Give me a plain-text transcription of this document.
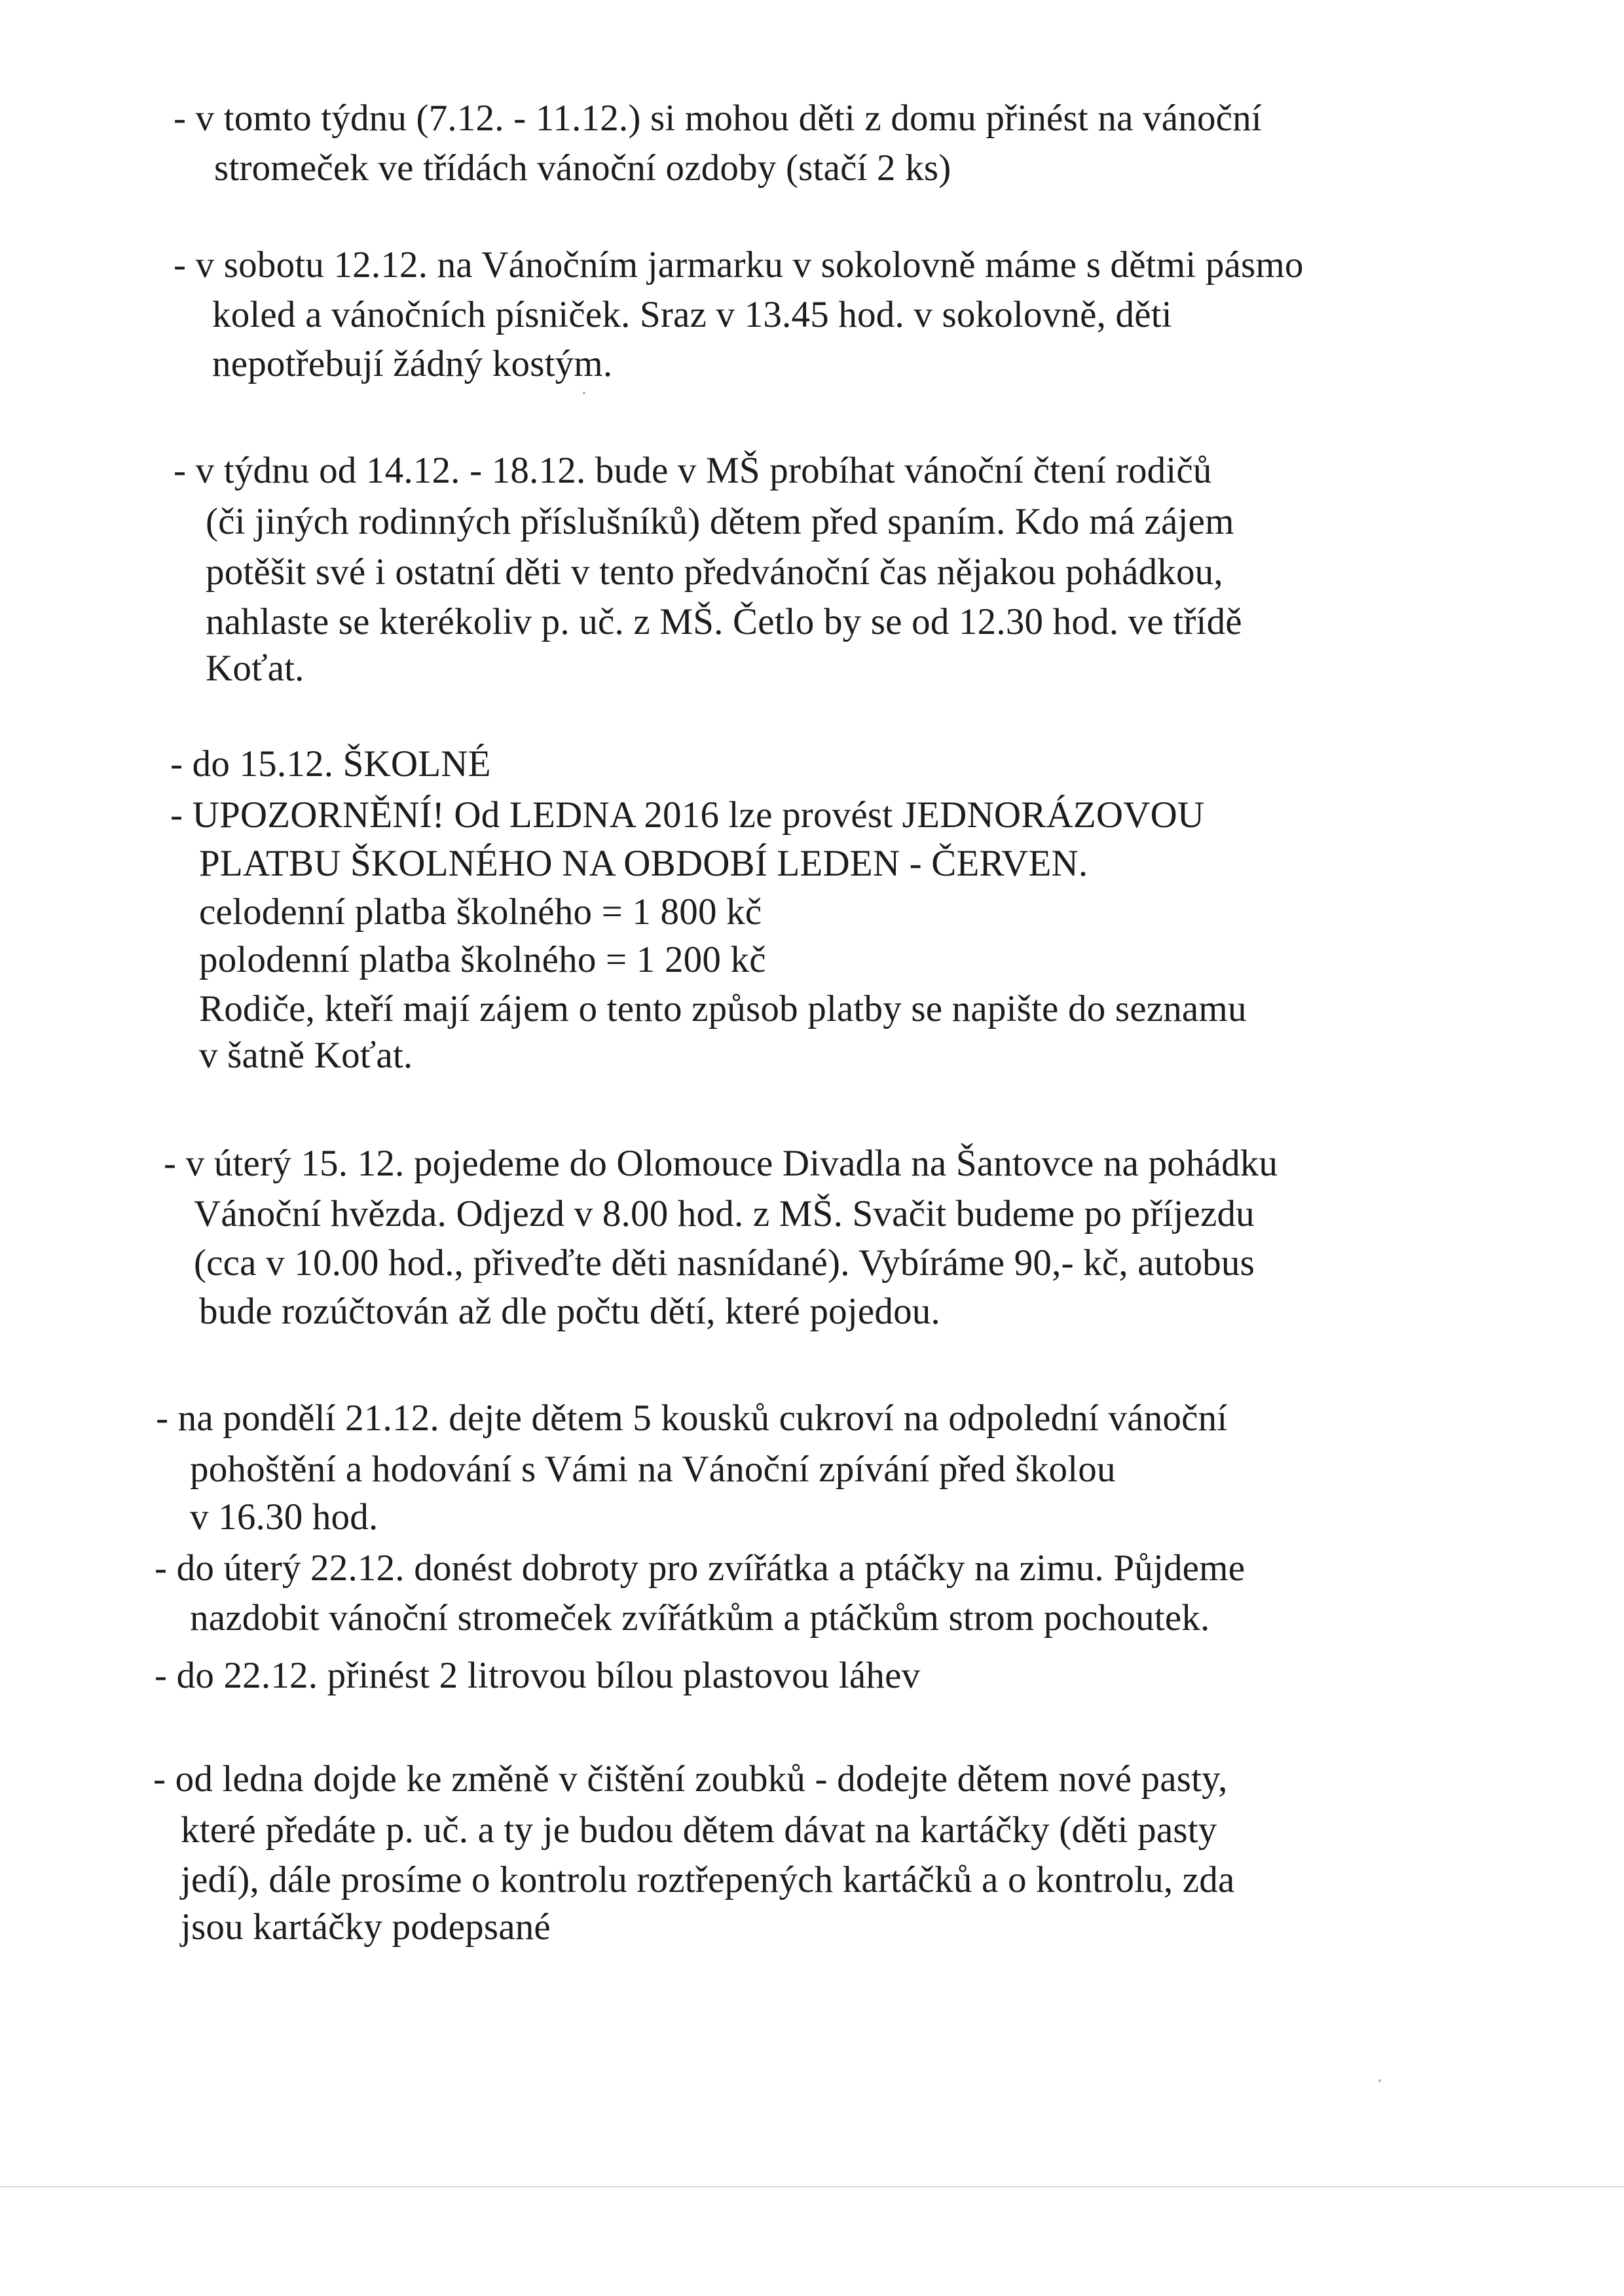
- v tomto týdnu (7.12. - 11.12.) si mohou děti z domu přinést na vánoční
stromeček ve třídách vánoční ozdoby (stačí 2 ks)
- v sobotu 12.12. na Vánočním jarmarku v sokolovně máme s dětmi pásmo
koled a vánočních písniček. Sraz v 13.45 hod. v sokolovně, děti
nepotřebují žádný kostým.
- v týdnu od 14.12. - 18.12. bude v MŠ probíhat vánoční čtení rodičů
(či jiných rodinných příslušníků) dětem před spaním. Kdo má zájem
potěšit své i ostatní děti v tento předvánoční čas nějakou pohádkou,
nahlaste se kterékoliv p. uč. z MŠ. Četlo by se od 12.30 hod. ve třídě
Koťat.
- do 15.12. ŠKOLNÉ
- UPOZORNĚNÍ! Od LEDNA 2016 lze provést JEDNORÁZOVOU
PLATBU ŠKOLNÉHO NA OBDOBÍ LEDEN - ČERVEN.
celodenní platba školného = 1 800 kč
polodenní platba školného = 1 200 kč
Rodiče, kteří mají zájem o tento způsob platby se napište do seznamu
v šatně Koťat.
- v úterý 15. 12. pojedeme do Olomouce Divadla na Šantovce na pohádku
Vánoční hvězda. Odjezd v 8.00 hod. z MŠ. Svačit budeme po příjezdu
(cca v 10.00 hod., přiveďte děti nasnídané). Vybíráme 90,- kč, autobus
bude rozúčtován až dle počtu dětí, které pojedou.
- na pondělí 21.12. dejte dětem 5 kousků cukroví na odpolední vánoční
pohoštění a hodování s Vámi na Vánoční zpívání před školou
v 16.30 hod.
- do úterý 22.12. donést dobroty pro zvířátka a ptáčky na zimu. Půjdeme
nazdobit vánoční stromeček zvířátkům a ptáčkům strom pochoutek.
- do 22.12. přinést 2 litrovou bílou plastovou láhev
- od ledna dojde ke změně v čištění zoubků - dodejte dětem nové pasty,
které předáte p. uč. a ty je budou dětem dávat na kartáčky (děti pasty
jedí), dále prosíme o kontrolu roztřepených kartáčků a o kontrolu, zda
jsou kartáčky podepsané
